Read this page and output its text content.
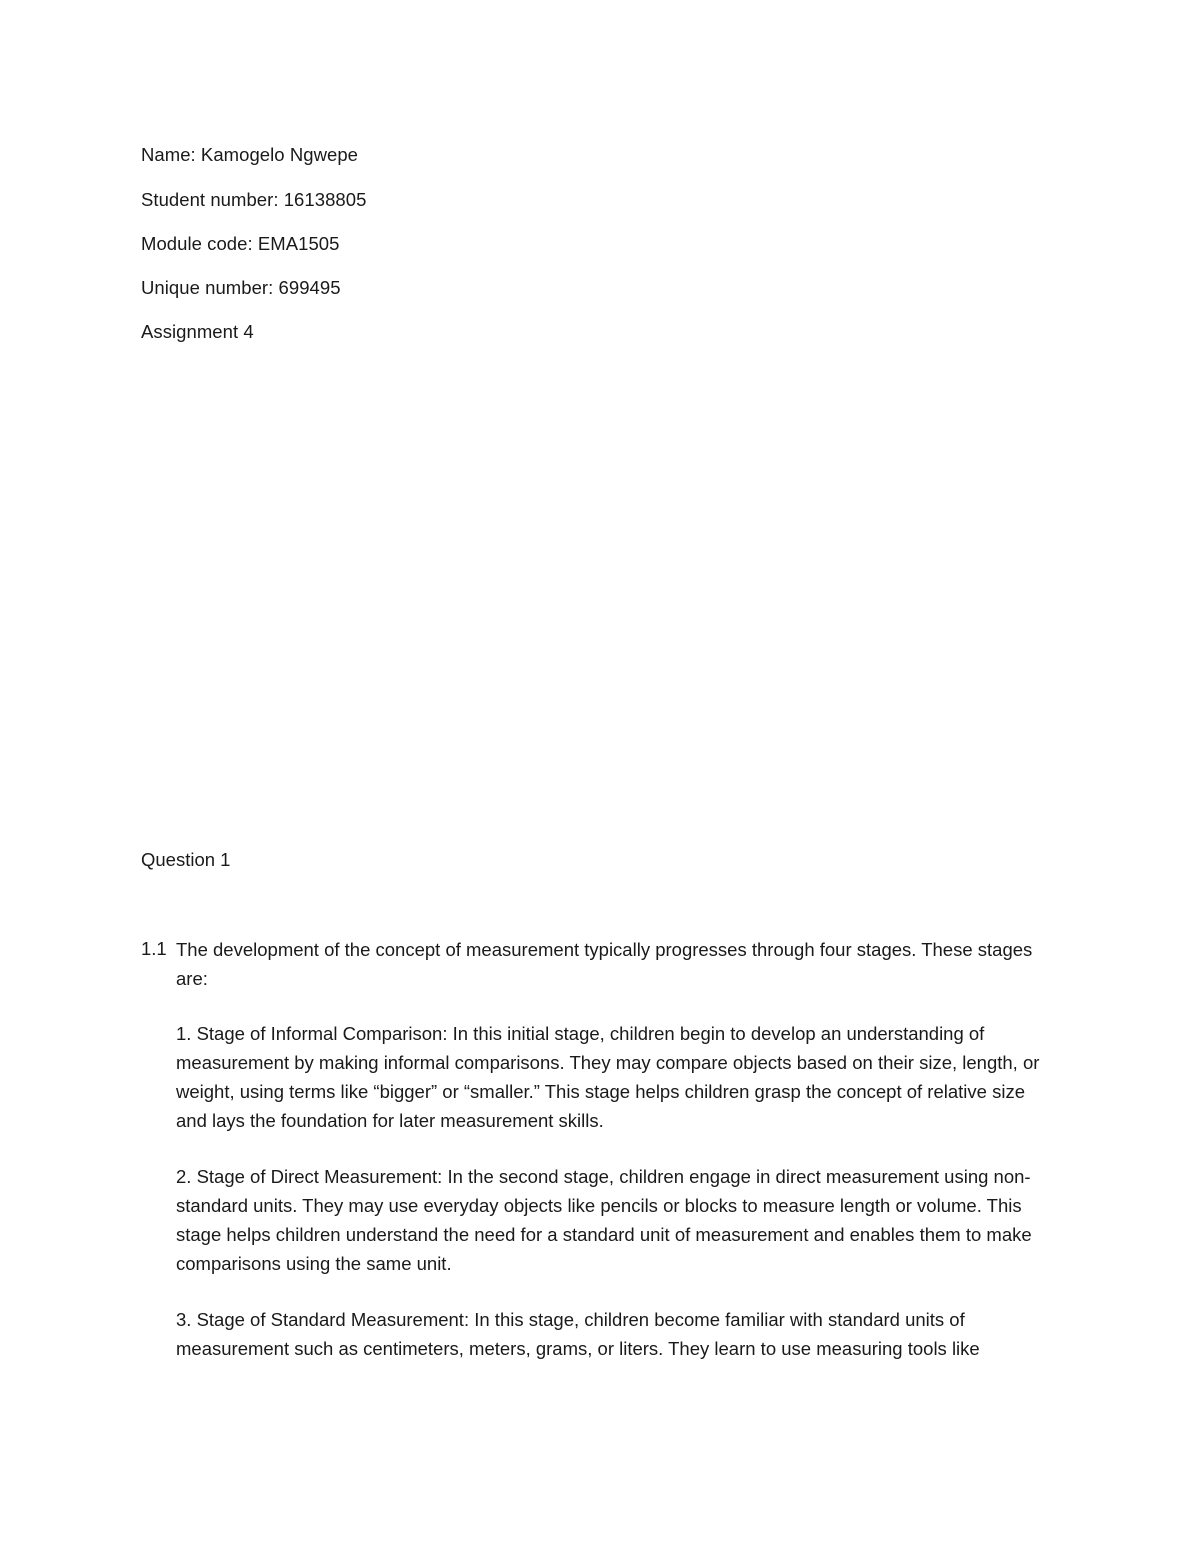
Name: Kamogelo Ngwepe
Student number: 16138805
Module code: EMA1505
Unique number: 699495
Assignment 4
Question 1
1.1 The development of the concept of measurement typically progresses through four stages. These stages are:

1. Stage of Informal Comparison: In this initial stage, children begin to develop an understanding of measurement by making informal comparisons. They may compare objects based on their size, length, or weight, using terms like “bigger” or “smaller.” This stage helps children grasp the concept of relative size and lays the foundation for later measurement skills.

2. Stage of Direct Measurement: In the second stage, children engage in direct measurement using non-standard units. They may use everyday objects like pencils or blocks to measure length or volume. This stage helps children understand the need for a standard unit of measurement and enables them to make comparisons using the same unit.

3. Stage of Standard Measurement: In this stage, children become familiar with standard units of measurement such as centimeters, meters, grams, or liters. They learn to use measuring tools like
